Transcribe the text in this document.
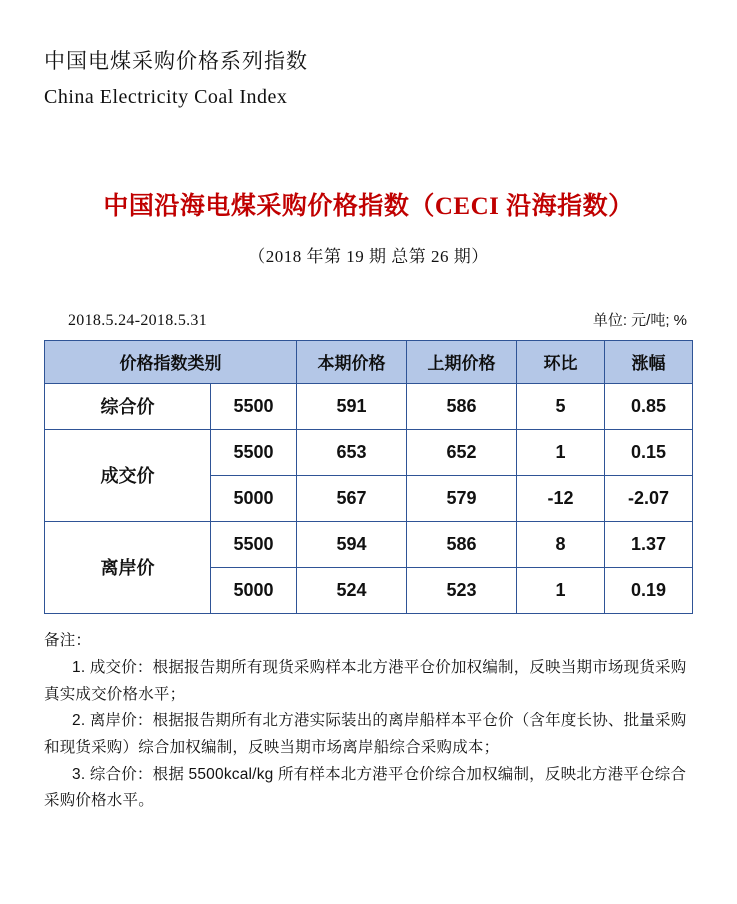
中国电煤采购价格系列指数
China Electricity Coal Index
中国沿海电煤采购价格指数（CECI 沿海指数）
（2018 年第 19 期 总第 26 期）
2018.5.24-2018.5.31	单位: 元/吨; %
价格指数类别		本期价格	上期价格	环比	涨幅
综合价	5500	591	586	5	0.85
成交价	5500	653	652	1	0.15
	5000	567	579	-12	-2.07
离岸价	5500	594	586	8	1.37
	5000	524	523	1	0.19

备注：

1. 成交价：根据报告期所有现货采购样本北方港平仓价加权编制，反映当期市场现货采购真实成交价格水平；

2. 离岸价：根据报告期所有北方港实际装出的离岸船样本平仓价（含年度长协、批量采购和现货采购）综合加权编制，反映当期市场离岸船综合采购成本；

3. 综合价：根据 5500kcal/kg 所有样本北方港平仓价综合加权编制，反映北方港平仓综合采购价格水平。
